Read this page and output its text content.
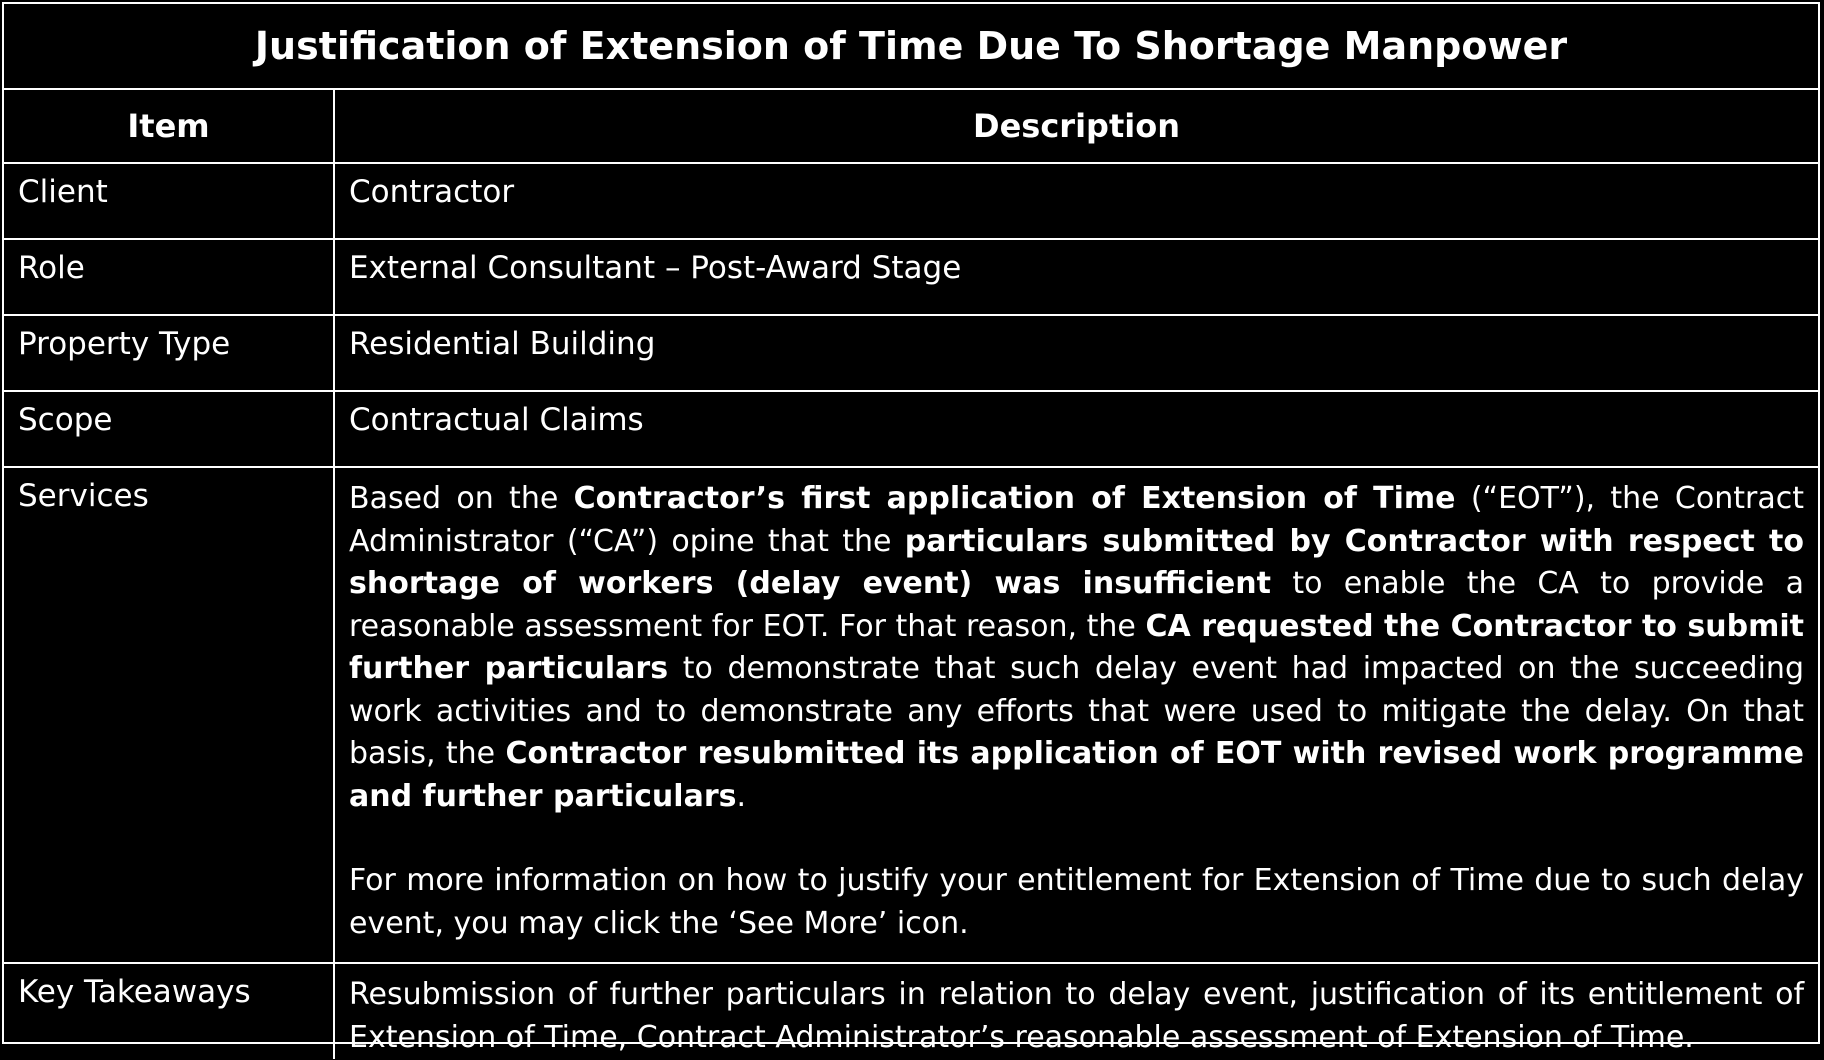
Justification of Extension of Time Due To Shortage Manpower	
Item	Description
Client	Contractor
Role	External Consultant – Post-Award Stage
Property Type	Residential Building
Scope	Contractual Claims
Services	Based on the Contractor’s first application of Extension of Time (“EOT”), the Contract Administrator (“CA”) opine that the particulars submitted by Contractor with respect to shortage of workers (delay event) was insufficient to enable the CA to provide a reasonable assessment for EOT. For that reason, the CA requested the Contractor to submit further particulars to demonstrate that such delay event had impacted on the succeeding work activities and to demonstrate any efforts that were used to mitigate the delay. On that basis, the Contractor resubmitted its application of EOT with revised work programme and further particulars.

For more information on how to justify your entitlement for Extension of Time due to such delay event, you may click the ‘See More’ icon.

Key Takeaways	Resubmission of further particulars in relation to delay event, justification of its entitlement of Extension of Time, Contract Administrator’s reasonable assessment of Extension of Time.
